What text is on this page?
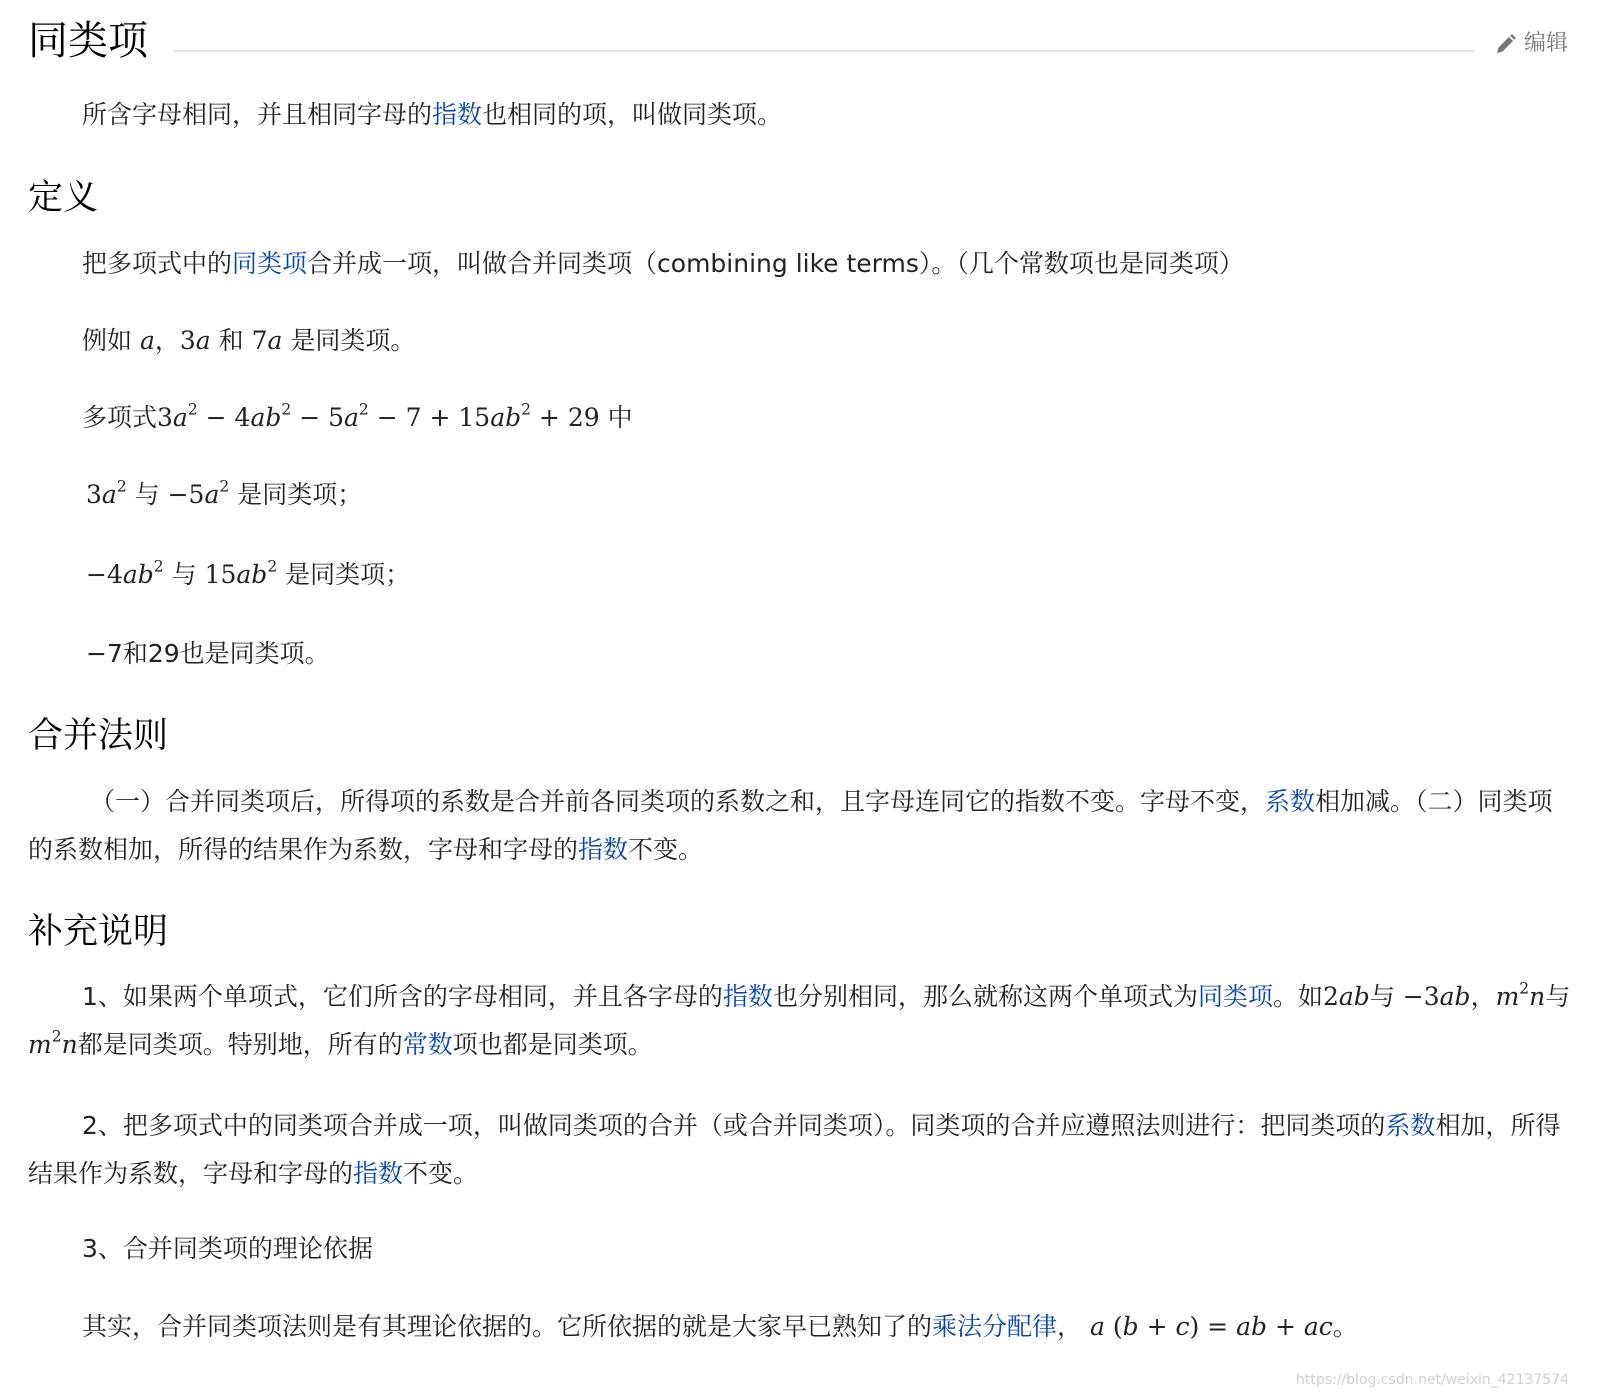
同类项	编辑
所含字母相同，并且相同字母的指数也相同的项，叫做同类项。
定义
把多项式中的同类项合并成一项，叫做合并同类项（combining like terms）。（几个常数项也是同类项）
例如 a，3a 和 7a 是同类项。
多项式$3a^2 - 4ab^2 - 5a^2 - 7 + 15ab^2 + 29$ 中
$3a^2$ 与 $-5a^2$ 是同类项；
$-4ab^2$ 与 $15ab^2$ 是同类项；
−7和29也是同类项。
合并法则
（一）合并同类项后，所得项的系数是合并前各同类项的系数之和，且字母连同它的指数不变。字母不变，系数相加减。（二）同类项的系数相加，所得的结果作为系数，字母和字母的指数不变。
补充说明
1、如果两个单项式，它们所含的字母相同，并且各字母的指数也分别相同，那么就称这两个单项式为同类项。如2ab与 −3ab，$m^2n$与$m^2n$都是同类项。特别地，所有的常数项也都是同类项。
2、把多项式中的同类项合并成一项，叫做同类项的合并（或合并同类项）。同类项的合并应遵照法则进行：把同类项的系数相加，所得结果作为系数，字母和字母的指数不变。
3、合并同类项的理论依据
其实，合并同类项法则是有其理论依据的。它所依据的就是大家早已熟知了的乘法分配律， a (b + c) = ab + ac。
https://blog.csdn.net/weixin_42137574
